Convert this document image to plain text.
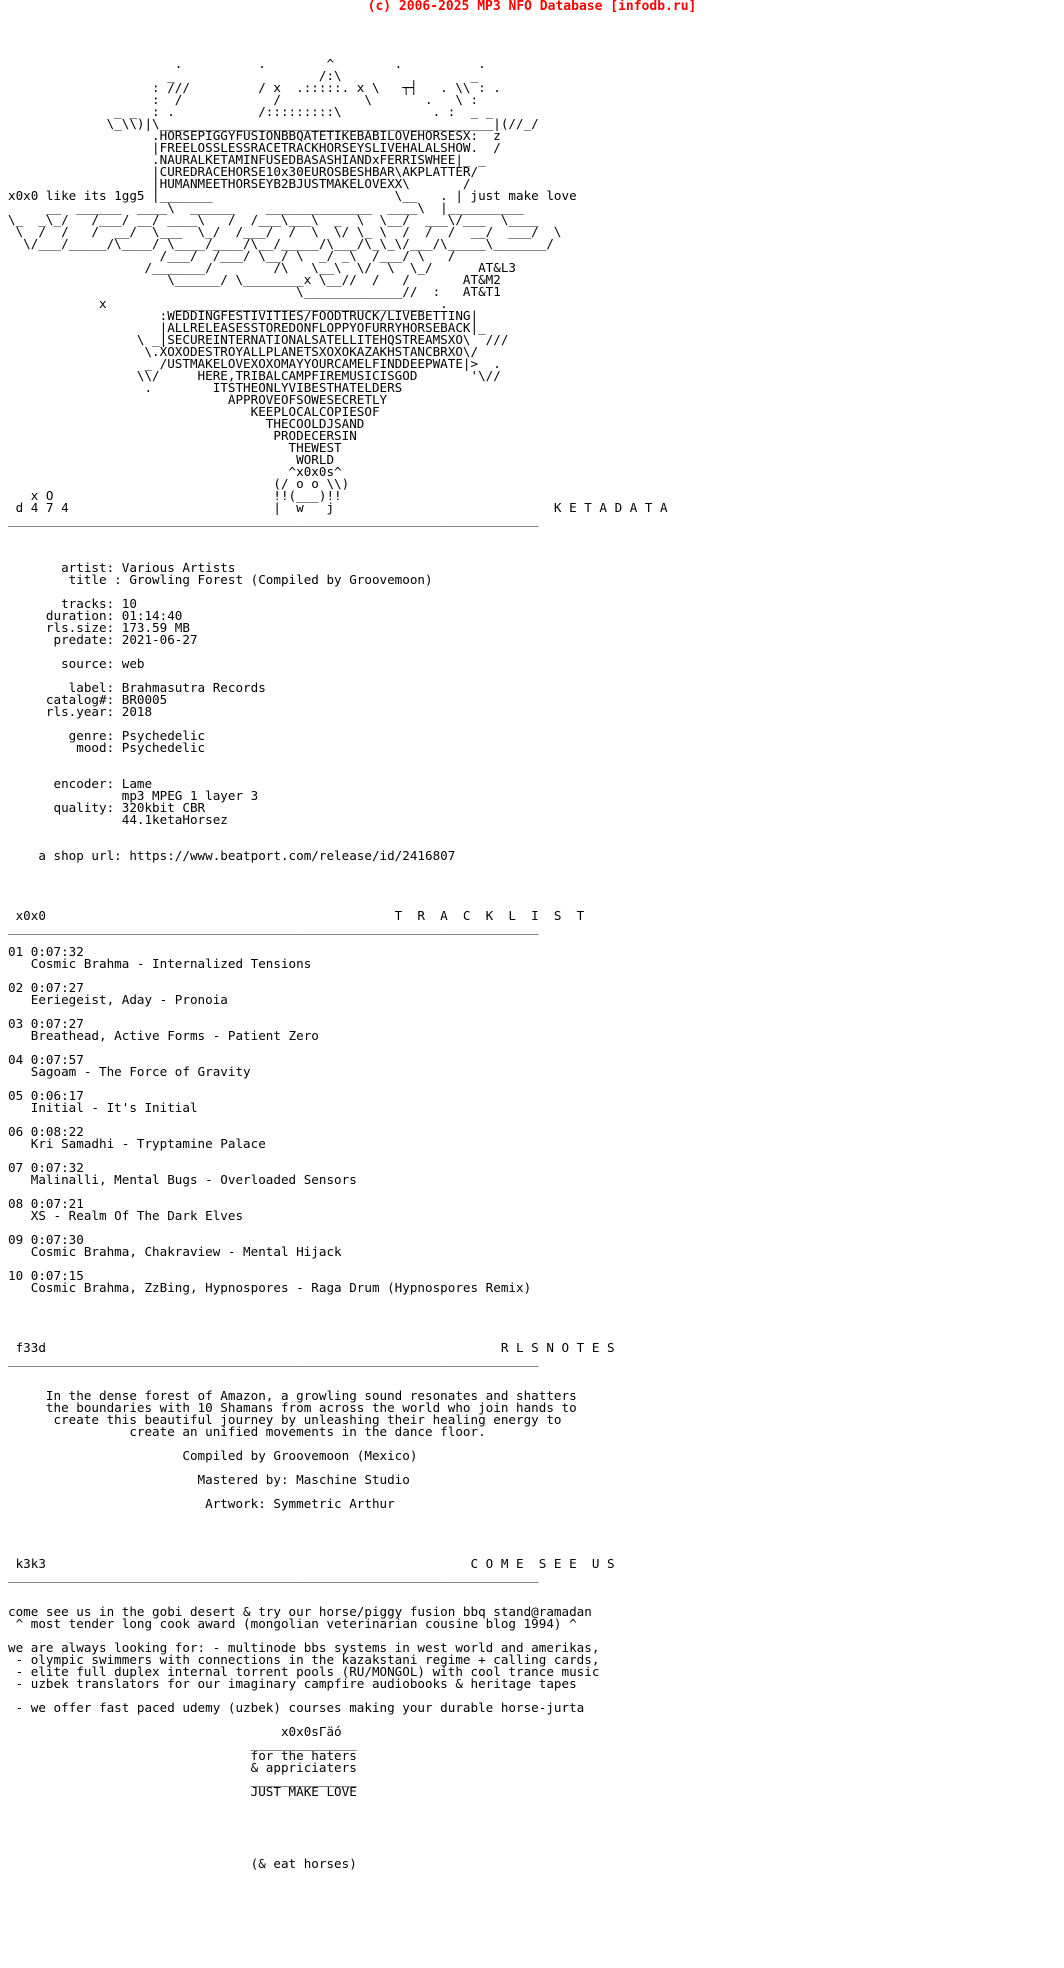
(c) 2006-2025 MP3 NFO Database [infodb.ru]
.          .        ^        .          .
_                   /:\                 _
: ///         / x  .:::::. x \   ┬┤   . \\ : .
:  /            /           \       .   \ :
_ _  : .           /:::::::::\            . :  _ _
\_\\)|\____________________________________________|(//_/
.HORSEPIGGYFUSIONBBQATETIKEBABILOVEHORSESX:  z
|FREELOSSLESSRACETRACKHORSEYSLIVEHALALSHOW.  /
.NAURALKETAMINFUSEDBASASHIANDxFERRISWHEE|_ _
|CUREDRACEHORSE10x30EUROSBESHBAR\AKPLATTER/
|HUMANMEETHORSEYB2BJUSTMAKELOVEXX\       /
x0x0 like its 1gg5 |_______                        \__   . | just make love
__  ______  ____\  ______    ______________  ____\  |__________
\_  _\_/   /___/ __/ ____\   /  /___\___\  _  \  \__/  ___\/___  \____
\  /  /   /  __/  \___  \_/  /___/  /  \  \/ \_ \  /  /  /  __/  ___/  \
\/___/_____/\____/ \____/____/\__/_____/\___/\_\_\/___/\_____\_______/
/___/  /___/ \__/ \  _/ _\  /___/ \   /
/_______/        /\   \__\  \/  \  \_/      AT&L3
\______/ \________x \__//  /   /       AT&M2
\_____________//  :   AT&T1
x         _________________________________  .
:WEDDINGFESTIVITIES/FOODTRUCK/LIVEBETTING|
|ALLRELEASESSTOREDONFLOPPYOFURRYHORSEBACK|_
\ _|SECUREINTERNATIONALSATELLITEHQSTREAMSXO\  ///
\.XOXODESTROYALLPLANETSXOXOKAZAKHSTANCBRXO\/
_ /USTMAKELOVEXOXOMAYYOURCAMELFINDDEEPWATE|>  .
\\/     HERE,TRIBALCAMPFIREMUSICISGOD       '\//
.        ITSTHEONLYVIBESTHATELDERS
APPROVEOFSOWESECRETLY
KEEPLOCALCOPIESOF
THECOOLDJSAND
PRODECERSIN
THEWEST
WORLD
^x0x0s^
(/ o o \\)
x O                             !!(___)!!
d 4 7 4                           |  w   j                             K E T A D A T A
______________________________________________________________________

artist: Various Artists
title : Growling Forest (Compiled by Groovemoon)

tracks: 10
duration: 01:14:40
rls.size: 173.59 MB
predate: 2021-06-27

source: web

label: Brahmasutra Records
catalog#: BR0005
rls.year: 2018

genre: Psychedelic
mood: Psychedelic

encoder: Lame
mp3 MPEG 1 layer 3
quality: 320kbit CBR
44.1ketaHorsez

a shop url: https://www.beatport.com/release/id/2416807

x0x0                                              T  R  A  C  K  L  I  S  T
______________________________________________________________________

01 0:07:32
Cosmic Brahma - Internalized Tensions

02 0:07:27
Eeriegeist, Aday - Pronoia

03 0:07:27
Breathead, Active Forms - Patient Zero

04 0:07:57
Sagoam - The Force of Gravity

05 0:06:17
Initial - It's Initial

06 0:08:22
Kri Samadhi - Tryptamine Palace

07 0:07:32
Malinalli, Mental Bugs - Overloaded Sensors

08 0:07:21
XS - Realm Of The Dark Elves

09 0:07:30
Cosmic Brahma, Chakraview - Mental Hijack

10 0:07:15
Cosmic Brahma, ZzBing, Hypnospores - Raga Drum (Hypnospores Remix)

f33d                                                            R L S N O T E S
______________________________________________________________________

In the dense forest of Amazon, a growling sound resonates and shatters
the boundaries with 10 Shamans from across the world who join hands to
create this beautiful journey by unleashing their healing energy to
create an unified movements in the dance floor.

Compiled by Groovemoon (Mexico)

Mastered by: Maschine Studio

Artwork: Symmetric Arthur

k3k3                                                        C O M E  S E E  U S
______________________________________________________________________

come see us in the gobi desert & try our horse/piggy fusion bbq stand@ramadan
^ most tender long cook award (mongolian veterinarian cousine blog 1994) ^

we are always looking for: - multinode bbs systems in west world and amerikas,
- olympic swimmers with connections in the kazakstani regime + calling cards,
- elite full duplex internal torrent pools (RU/MONGOL) with cool trance music
- uzbek translators for our imaginary campfire audiobooks & heritage tapes

- we offer fast paced udemy (uzbek) courses making your durable horse-jurta

x0x0sΓäó
______________
for the haters
& appriciaters
______________
JUST MAKE LOVE

(& eat horses)
